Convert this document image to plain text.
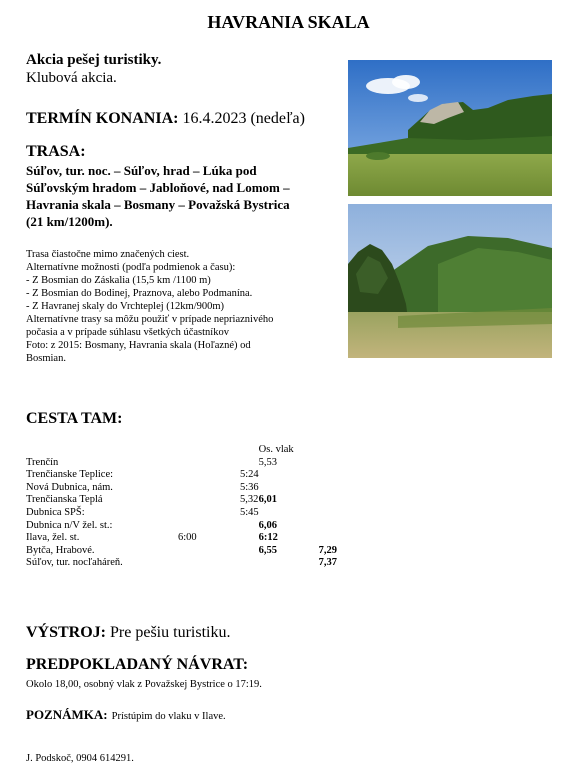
HAVRANIA SKALA
Akcia pešej turistiky.
Klubová akcia.
TERMÍN KONANIA: 16.4.2023 (nedeľa)
TRASA:
Súľov, tur. noc. – Súľov, hrad – Lúka pod
Súľovským hradom – Jabloňové, nad Lomom –
Havrania skala – Bosmany – Považská Bystrica
(21 km/1200m).
Trasa čiastočne mimo značených ciest.
Alternatívne možnosti (podľa podmienok a času):
- Z Bosmian do Záskalia (15,5 km /1100 m)
- Z Bosmian do Bodinej, Praznova, alebo Podmanína.
- Z Havranej skaly do Vrchteplej (12km/900m)
Alternatívne trasy sa môžu použiť v prípade nepriaznivého
počasia a v prípade súhlasu všetkých účastníkov
Foto: z 2015: Bosmany, Havrania skala (Hoľazné) od
Bosmian.
CESTA TAM:
			Os. vlak	
Trenčín			5,53	
Trenčianske Teplice:		5:24		
Nová Dubnica, nám.		5:36		
Trenčianska Teplá		5,32	6,01	
Dubnica SPŠ:		5:45		
Dubnica n/V žel. st.:			6,06	
Ilava, žel. st.	6:00		6:12	
Bytča, Hrabové.			6,55	7,29
Súľov, tur. nocľaháreň.				7,37
VÝSTROJ: Pre pešiu turistiku.
PREDPOKLADANÝ NÁVRAT:
Okolo 18,00, osobný vlak z Považskej Bystrice o 17:19.
POZNÁMKA: Prístúpim do vlaku v Ilave.
J. Podskoč, 0904 614291.
